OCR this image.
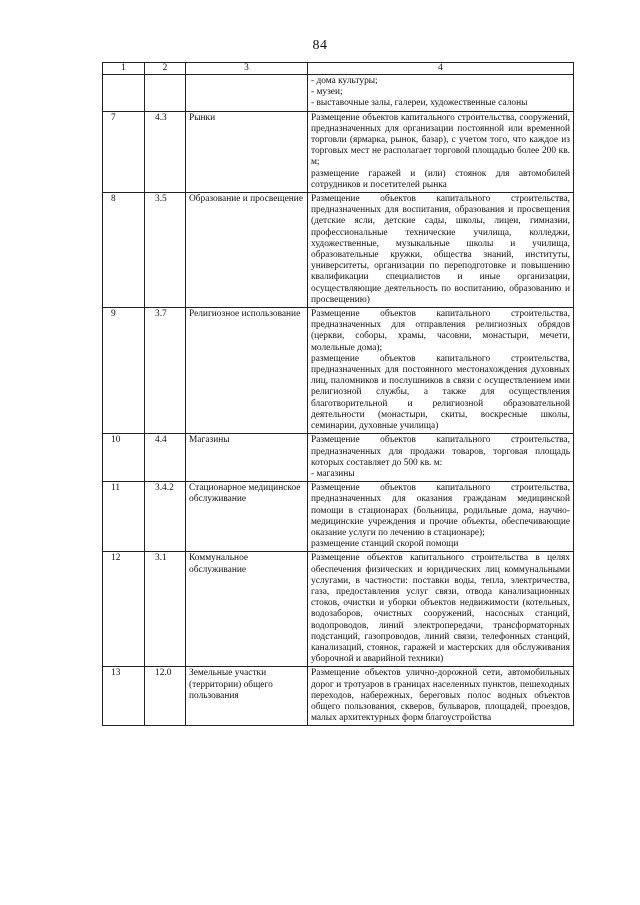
84
1	2	3	4

			- дома культуры;
- музеи;
- выставочные залы, галереи, художественные салоны

7	4.3	Рынки	Размещение объектов капитального строительства, сооружений, предназначенных для организации постоянной или временной торговли (ярмарка, рынок, базар), с учетом того, что каждое из торговых мест не располагает торговой площадью более 200 кв. м;
размещение гаражей и (или) стоянок для автомобилей сотрудников и посетителей рынка

8	3.5	Образование и просвещение	Размещение объектов капитального строительства, предназначенных для воспитания, образования и просвещения (детские ясли, детские сады, школы, лицеи, гимназии, профессиональные технические училища, колледжи, художественные, музыкальные школы и училища, образовательные кружки, общества знаний, институты, университеты, организации по переподготовке и повышению квалификации специалистов и иные организации, осуществляющие деятельность по воспитанию, образованию и просвещению)

9	3.7	Религиозное использование	Размещение объектов капитального строительства, предназначенных для отправления религиозных обрядов (церкви, соборы, храмы, часовни, монастыри, мечети, молельные дома);
размещение объектов капитального строительства, предназначенных для постоянного местонахождения духовных лиц, паломников и послушников в связи с осуществлением ими религиозной службы, а также для осуществления благотворительной и религиозной образовательной деятельности (монастыри, скиты, воскресные школы, семинарии, духовные училища)

10	4.4	Магазины	Размещение объектов капитального строительства, предназначенных для продажи товаров, торговая площадь которых составляет до 500 кв. м:
- магазины

11	3.4.2	Стационарное медицинское обслуживание	Размещение объектов капитального строительства, предназначенных для оказания гражданам медицинской помощи в стационарах (больницы, родильные дома, научно-медицинские учреждения и прочие объекты, обеспечивающие оказание услуги по лечению в стационаре);
размещение станций скорой помощи

12	3.1	Коммунальное обслуживание	Размещение объектов капитального строительства в целях обеспечения физических и юридических лиц коммунальными услугами, в частности: поставки воды, тепла, электричества, газа, предоставления услуг связи, отвода канализационных стоков, очистки и уборки объектов недвижимости (котельных, водозаборов, очистных сооружений, насосных станций, водопроводов, линий электропередачи, трансформаторных подстанций, газопроводов, линий связи, телефонных станций, канализаций, стоянок, гаражей и мастерских для обслуживания уборочной и аварийной техники)

13	12.0	Земельные участки (территории) общего пользования	Размещение объектов улично-дорожной сети, автомобильных дорог и тротуаров в границах населенных пунктов, пешеходных переходов, набережных, береговых полос водных объектов общего пользования, скверов, бульваров, площадей, проездов, малых архитектурных форм благоустройства
